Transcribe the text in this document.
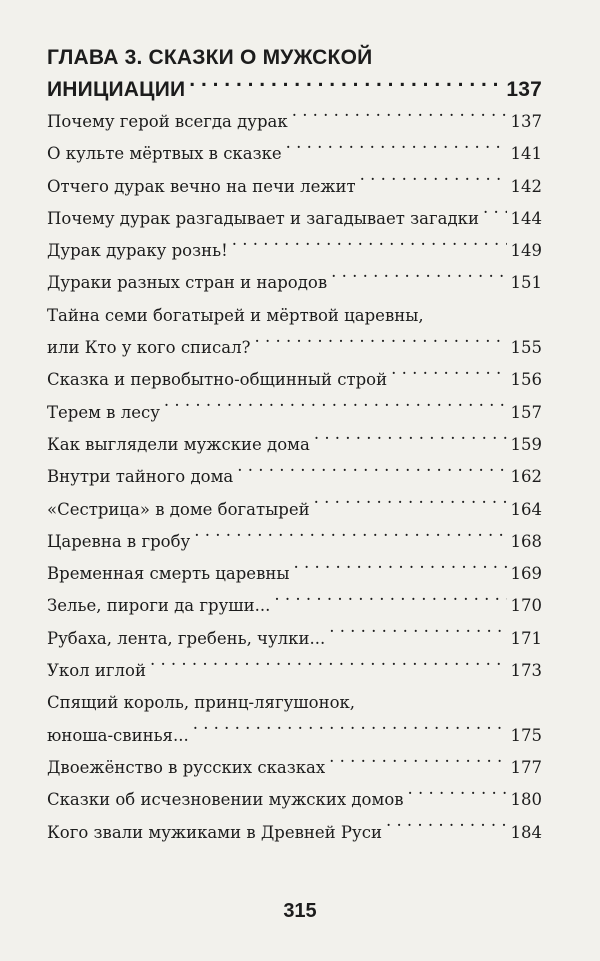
ГЛАВА 3. СКАЗКИ О МУЖСКОЙ
ИНИЦИАЦИИ . . .	137
Почему герой всегда дурак . . .	137
О культе мёртвых в сказке . . .	141
Отчего дурак вечно на печи лежит . . .	142
Почему дурак разгадывает и загадывает загадки . . . 144
Дурак дураку рознь! . . .	149
Дураки разных стран и народов . . .	151
Тайна семи богатырей и мёртвой царевны,
или Кто у кого списал? . . .	155
Сказка и первобытно-общинный строй . . .	156
Терем в лесу . . .	157
Как выглядели мужские дома . . .	159
Внутри тайного дома . . .	162
«Сестрица» в доме богатырей . . .	164
Царевна в гробу . . .	168
Временная смерть царевны . . .	169
Зелье, пироги да груши... . . .	170
Рубаха, лента, гребень, чулки... . . .	171
Укол иглой . . .	173
Спящий король, принц-лягушонок,
юноша-свинья... . . .	175
Двоежёнство в русских сказках . . .	177
Сказки об исчезновении мужских домов . . .	180
Кого звали мужиками в Древней Руси . . .	184
315
